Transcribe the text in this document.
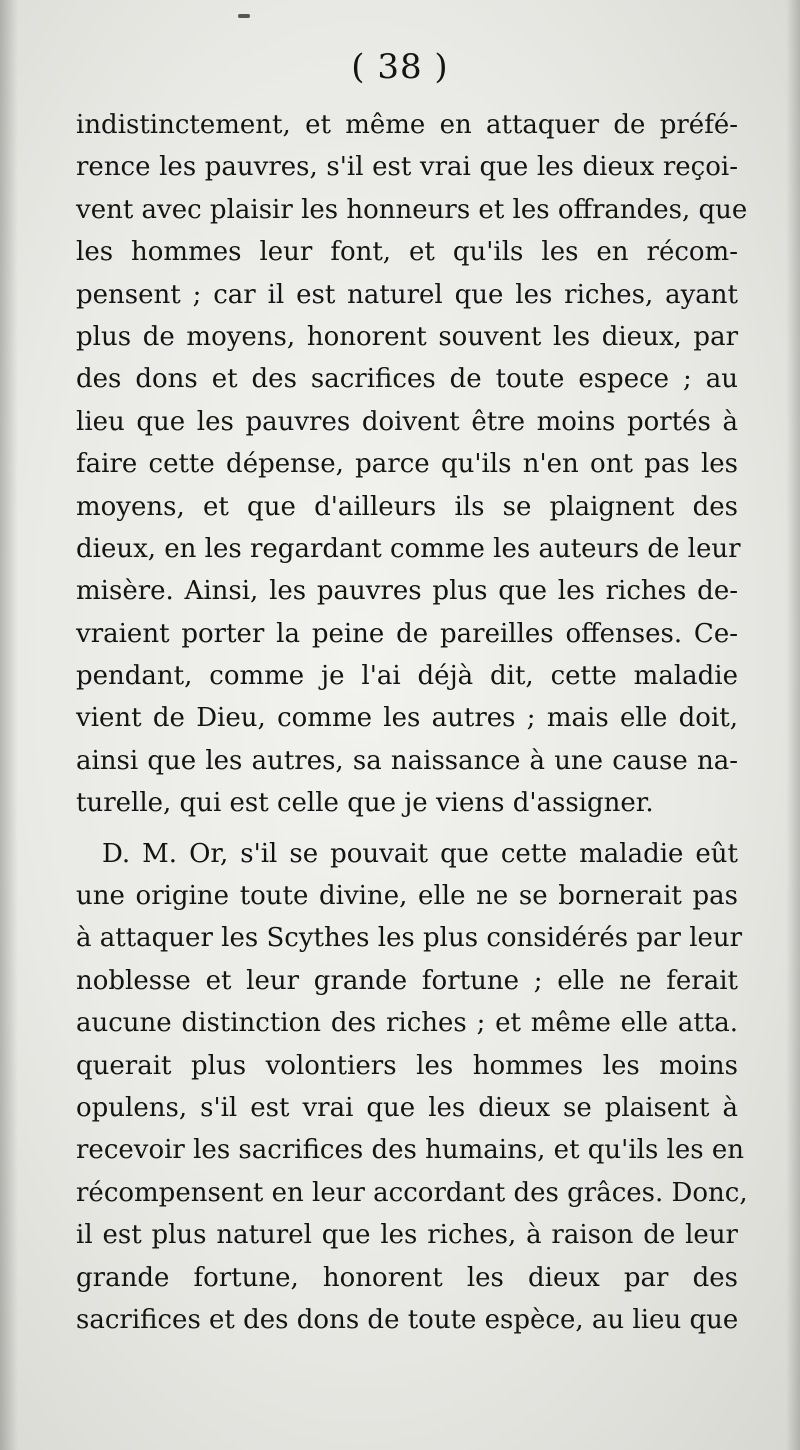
( 38 )
indistinctement, et même en attaquer de préfé-
rence les pauvres, s'il est vrai que les dieux reçoi-
vent avec plaisir les honneurs et les offrandes, que
les hommes leur font, et qu'ils les en récom-
pensent ; car il est naturel que les riches, ayant
plus de moyens, honorent souvent les dieux, par
des dons et des sacrifices de toute espece ; au
lieu que les pauvres doivent être moins portés à
faire cette dépense, parce qu'ils n'en ont pas les
moyens, et que d'ailleurs ils se plaignent des
dieux, en les regardant comme les auteurs de leur
misère. Ainsi, les pauvres plus que les riches de-
vraient porter la peine de pareilles offenses. Ce-
pendant, comme je l'ai déjà dit, cette maladie
vient de Dieu, comme les autres ; mais elle doit,
ainsi que les autres, sa naissance à une cause na-
turelle, qui est celle que je viens d'assigner.
D. M. Or, s'il se pouvait que cette maladie eût
une origine toute divine, elle ne se bornerait pas
à attaquer les Scythes les plus considérés par leur
noblesse et leur grande fortune ; elle ne ferait
aucune distinction des riches ; et même elle atta.
querait plus volontiers les hommes les moins
opulens, s'il est vrai que les dieux se plaisent à
recevoir les sacrifices des humains, et qu'ils les en
récompensent en leur accordant des grâces. Donc,
il est plus naturel que les riches, à raison de leur
grande fortune, honorent les dieux par des
sacrifices et des dons de toute espèce, au lieu que
